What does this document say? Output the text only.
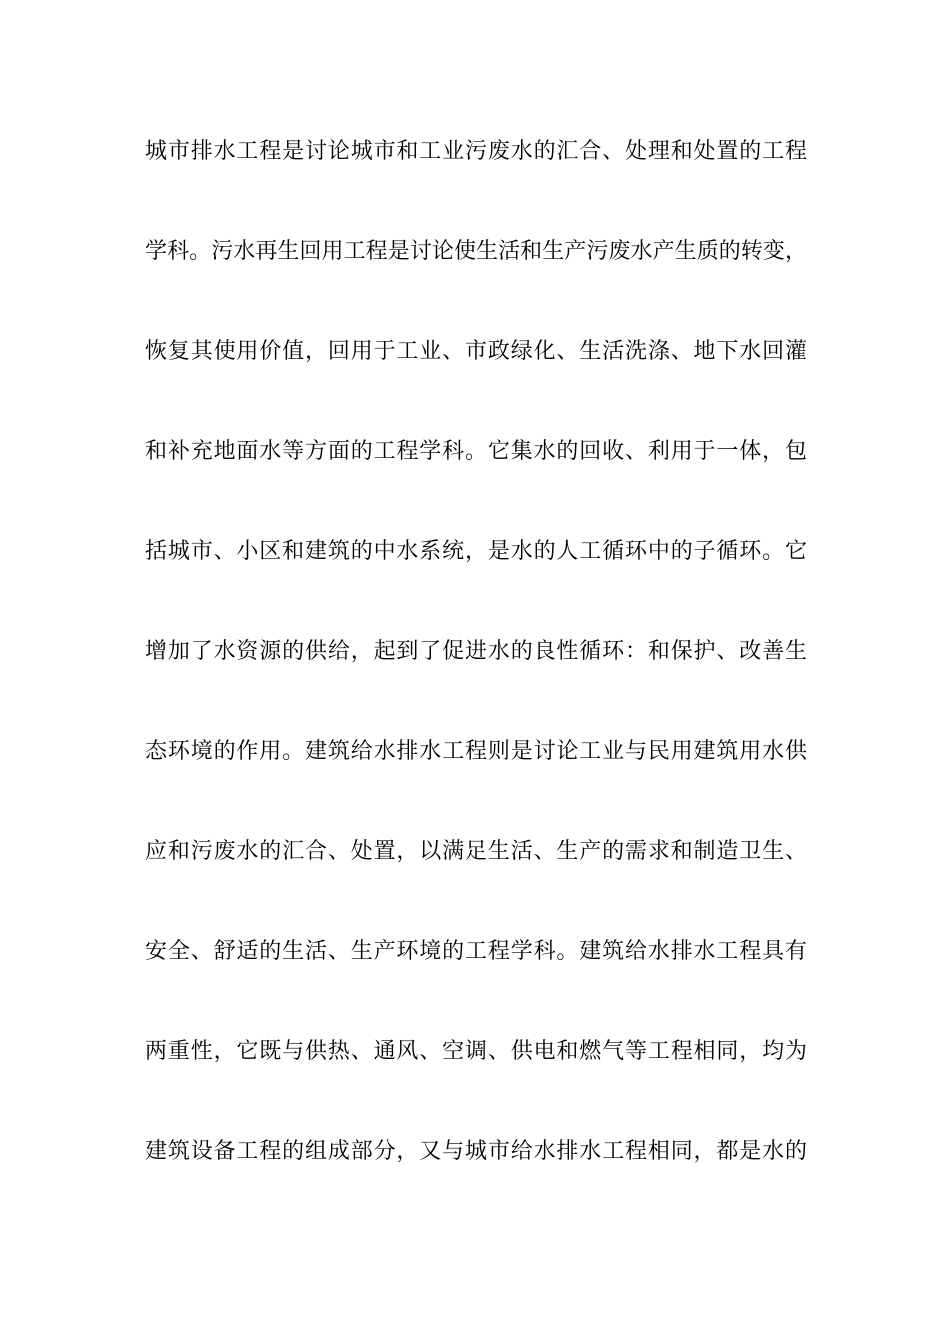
城市排水工程是讨论城市和工业污废水的汇合、处理和处置的工程
学科。污水再生回用工程是讨论使生活和生产污废水产生质的转变，
恢复其使用价值，回用于工业、市政绿化、生活洗涤、地下水回灌
和补充地面水等方面的工程学科。它集水的回收、利用于一体，包
括城市、小区和建筑的中水系统，是水的人工循环中的子循环。它
增加了水资源的供给，起到了促进水的良性循环：和保护、改善生
态环境的作用。建筑给水排水工程则是讨论工业与民用建筑用水供
应和污废水的汇合、处置，以满足生活、生产的需求和制造卫生、
安全、舒适的生活、生产环境的工程学科。建筑给水排水工程具有
两重性，它既与供热、通风、空调、供电和燃气等工程相同，均为
建筑设备工程的组成部分，又与城市给水排水工程相同，都是水的
